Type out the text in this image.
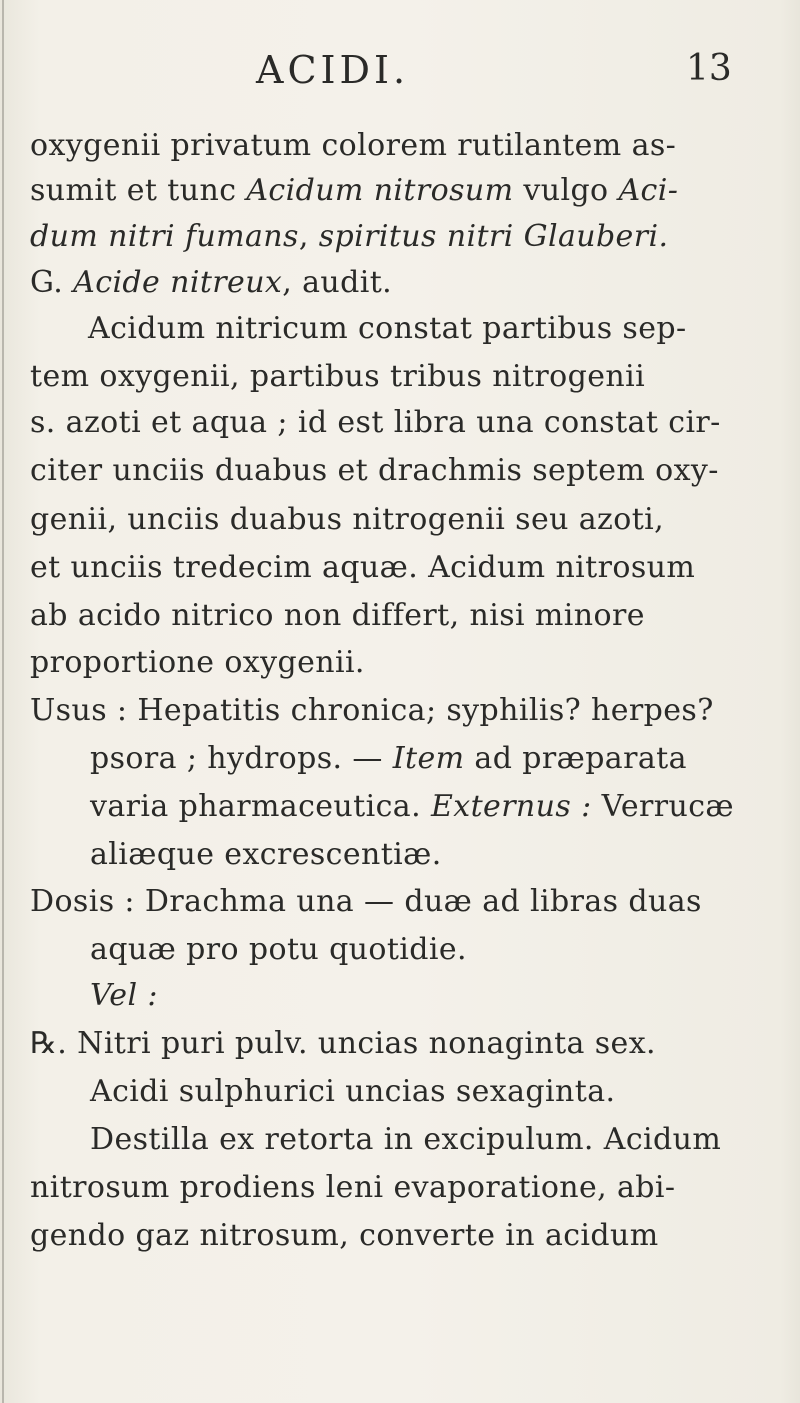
ACIDI.	13
oxygenii privatum colorem rutilantem as-
sumit et tunc Acidum nitrosum vulgo Aci-
dum nitri fumans, spiritus nitri Glauberi.
G. Acide nitreux, audit.
Acidum nitricum constat partibus sep-
tem oxygenii, partibus tribus nitrogenii
s. azoti et aqua ; id est libra una constat cir-
citer unciis duabus et drachmis septem oxy-
genii, unciis duabus nitrogenii seu azoti,
et unciis tredecim aquæ. Acidum nitrosum
ab acido nitrico non differt, nisi minore
proportione oxygenii.
Usus : Hepatitis chronica; syphilis? herpes?
psora ; hydrops. — Item ad præparata
varia pharmaceutica. Externus : Verrucæ
aliæque excrescentiæ.
Dosis : Drachma una — duæ ad libras duas
aquæ pro potu quotidie.
Vel :
℞. Nitri puri pulv. uncias nonaginta sex.
Acidi sulphurici uncias sexaginta.
Destilla ex retorta in excipulum. Acidum
nitrosum prodiens leni evaporatione, abi-
gendo gaz nitrosum, converte in acidum
